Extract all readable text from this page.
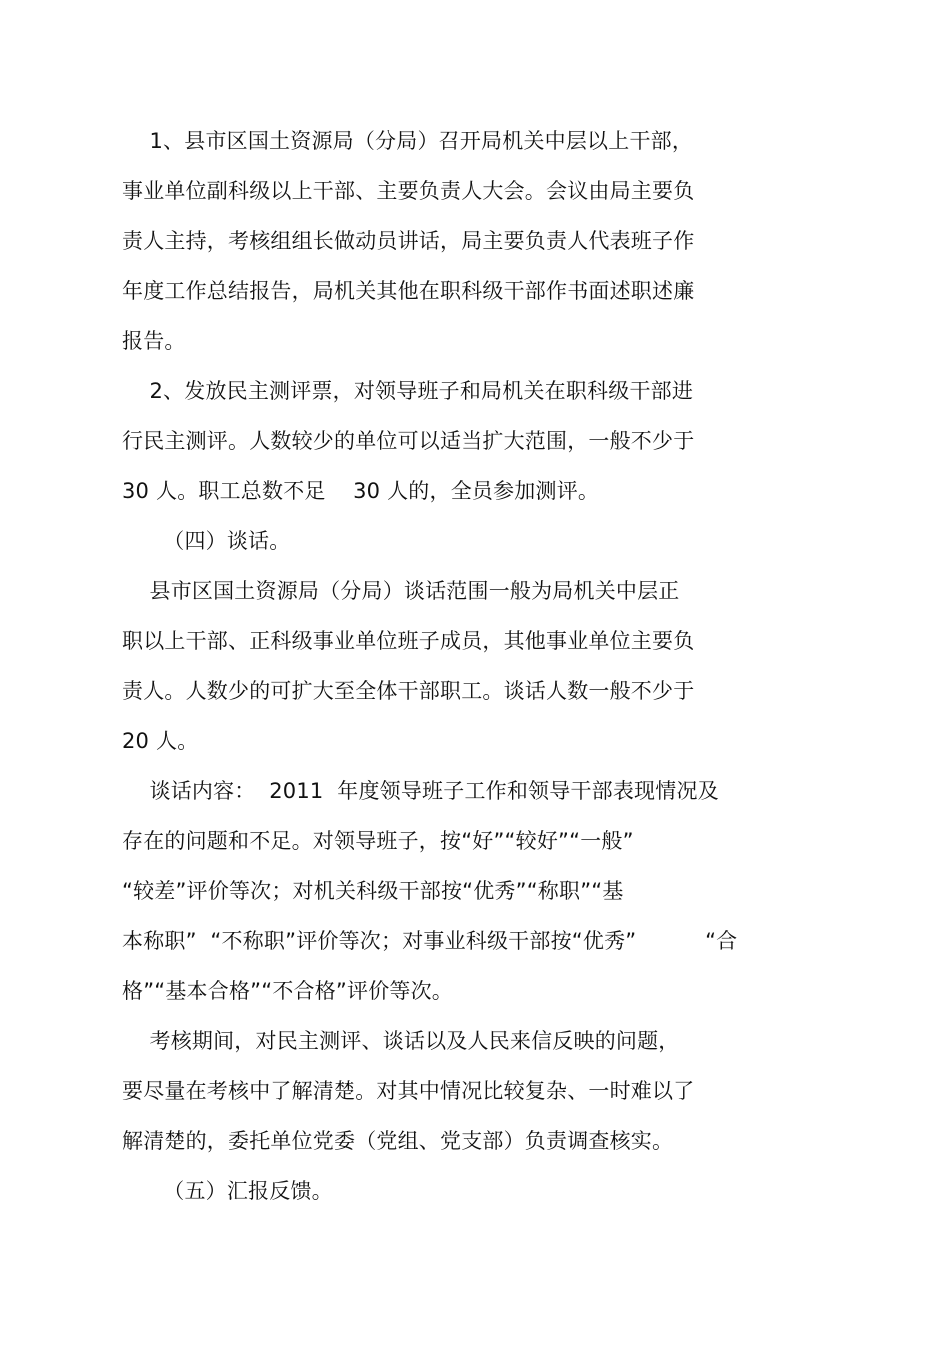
1、县市区国土资源局（分局）召开局机关中层以上干部，
事业单位副科级以上干部、主要负责人大会。会议由局主要负
责人主持，考核组组长做动员讲话，局主要负责人代表班子作
年度工作总结报告，局机关其他在职科级干部作书面述职述廉
报告。
2、发放民主测评票，对领导班子和局机关在职科级干部进
行民主测评。人数较少的单位可以适当扩大范围，一般不少于
30 人。职工总数不足    30 人的，全员参加测评。
（四）谈话。
县市区国土资源局（分局）谈话范围一般为局机关中层正
职以上干部、正科级事业单位班子成员，其他事业单位主要负
责人。人数少的可扩大至全体干部职工。谈话人数一般不少于
20 人。
谈话内容：  2011  年度领导班子工作和领导干部表现情况及
存在的问题和不足。对领导班子，按“好”“较好”“一般”
“较差”评价等次；对机关科级干部按“优秀”“称职”“基
本称职”  “不称职”评价等次；对事业科级干部按“优秀”          “合
格”“基本合格”“不合格”评价等次。
考核期间，对民主测评、谈话以及人民来信反映的问题，
要尽量在考核中了解清楚。对其中情况比较复杂、一时难以了
解清楚的，委托单位党委（党组、党支部）负责调查核实。
（五）汇报反馈。
